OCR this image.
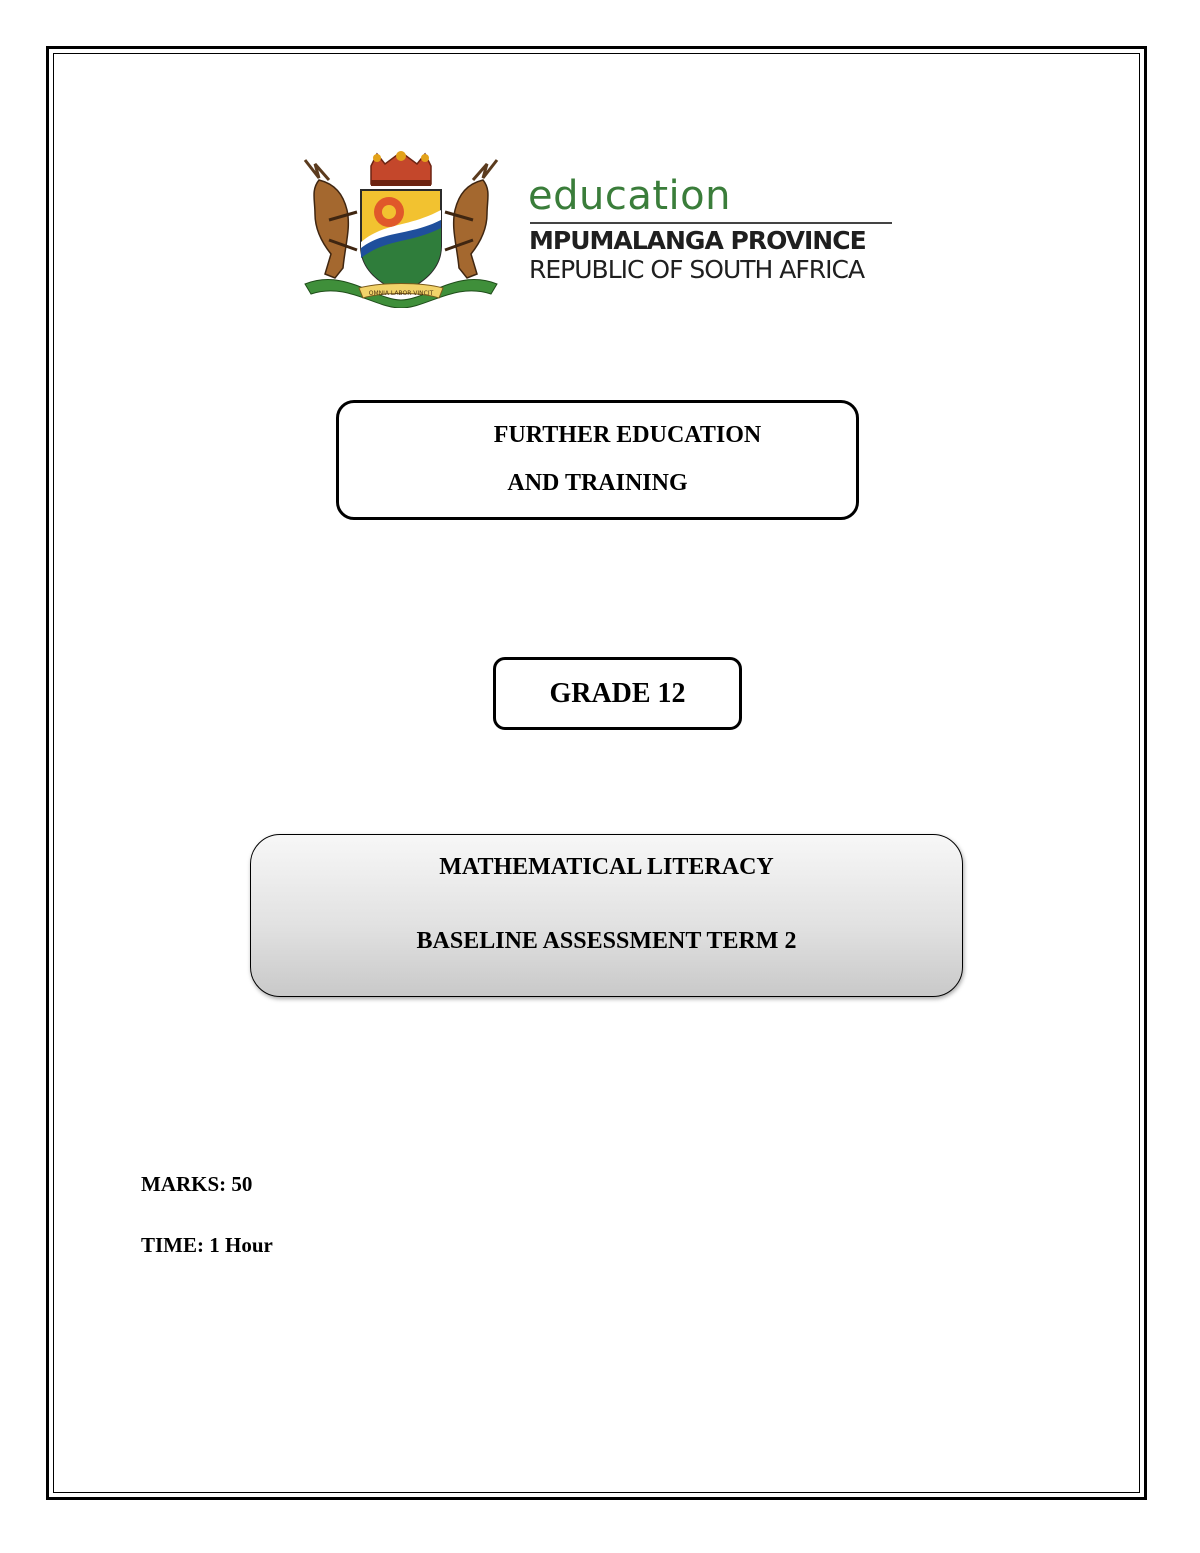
OMNIA LABOR VINCIT
education
MPUMALANGA PROVINCE
REPUBLIC OF SOUTH AFRICA
FURTHER EDUCATION
AND TRAINING
GRADE 12
MATHEMATICAL LITERACY
BASELINE ASSESSMENT TERM 2
MARKS: 50
TIME: 1 Hour
